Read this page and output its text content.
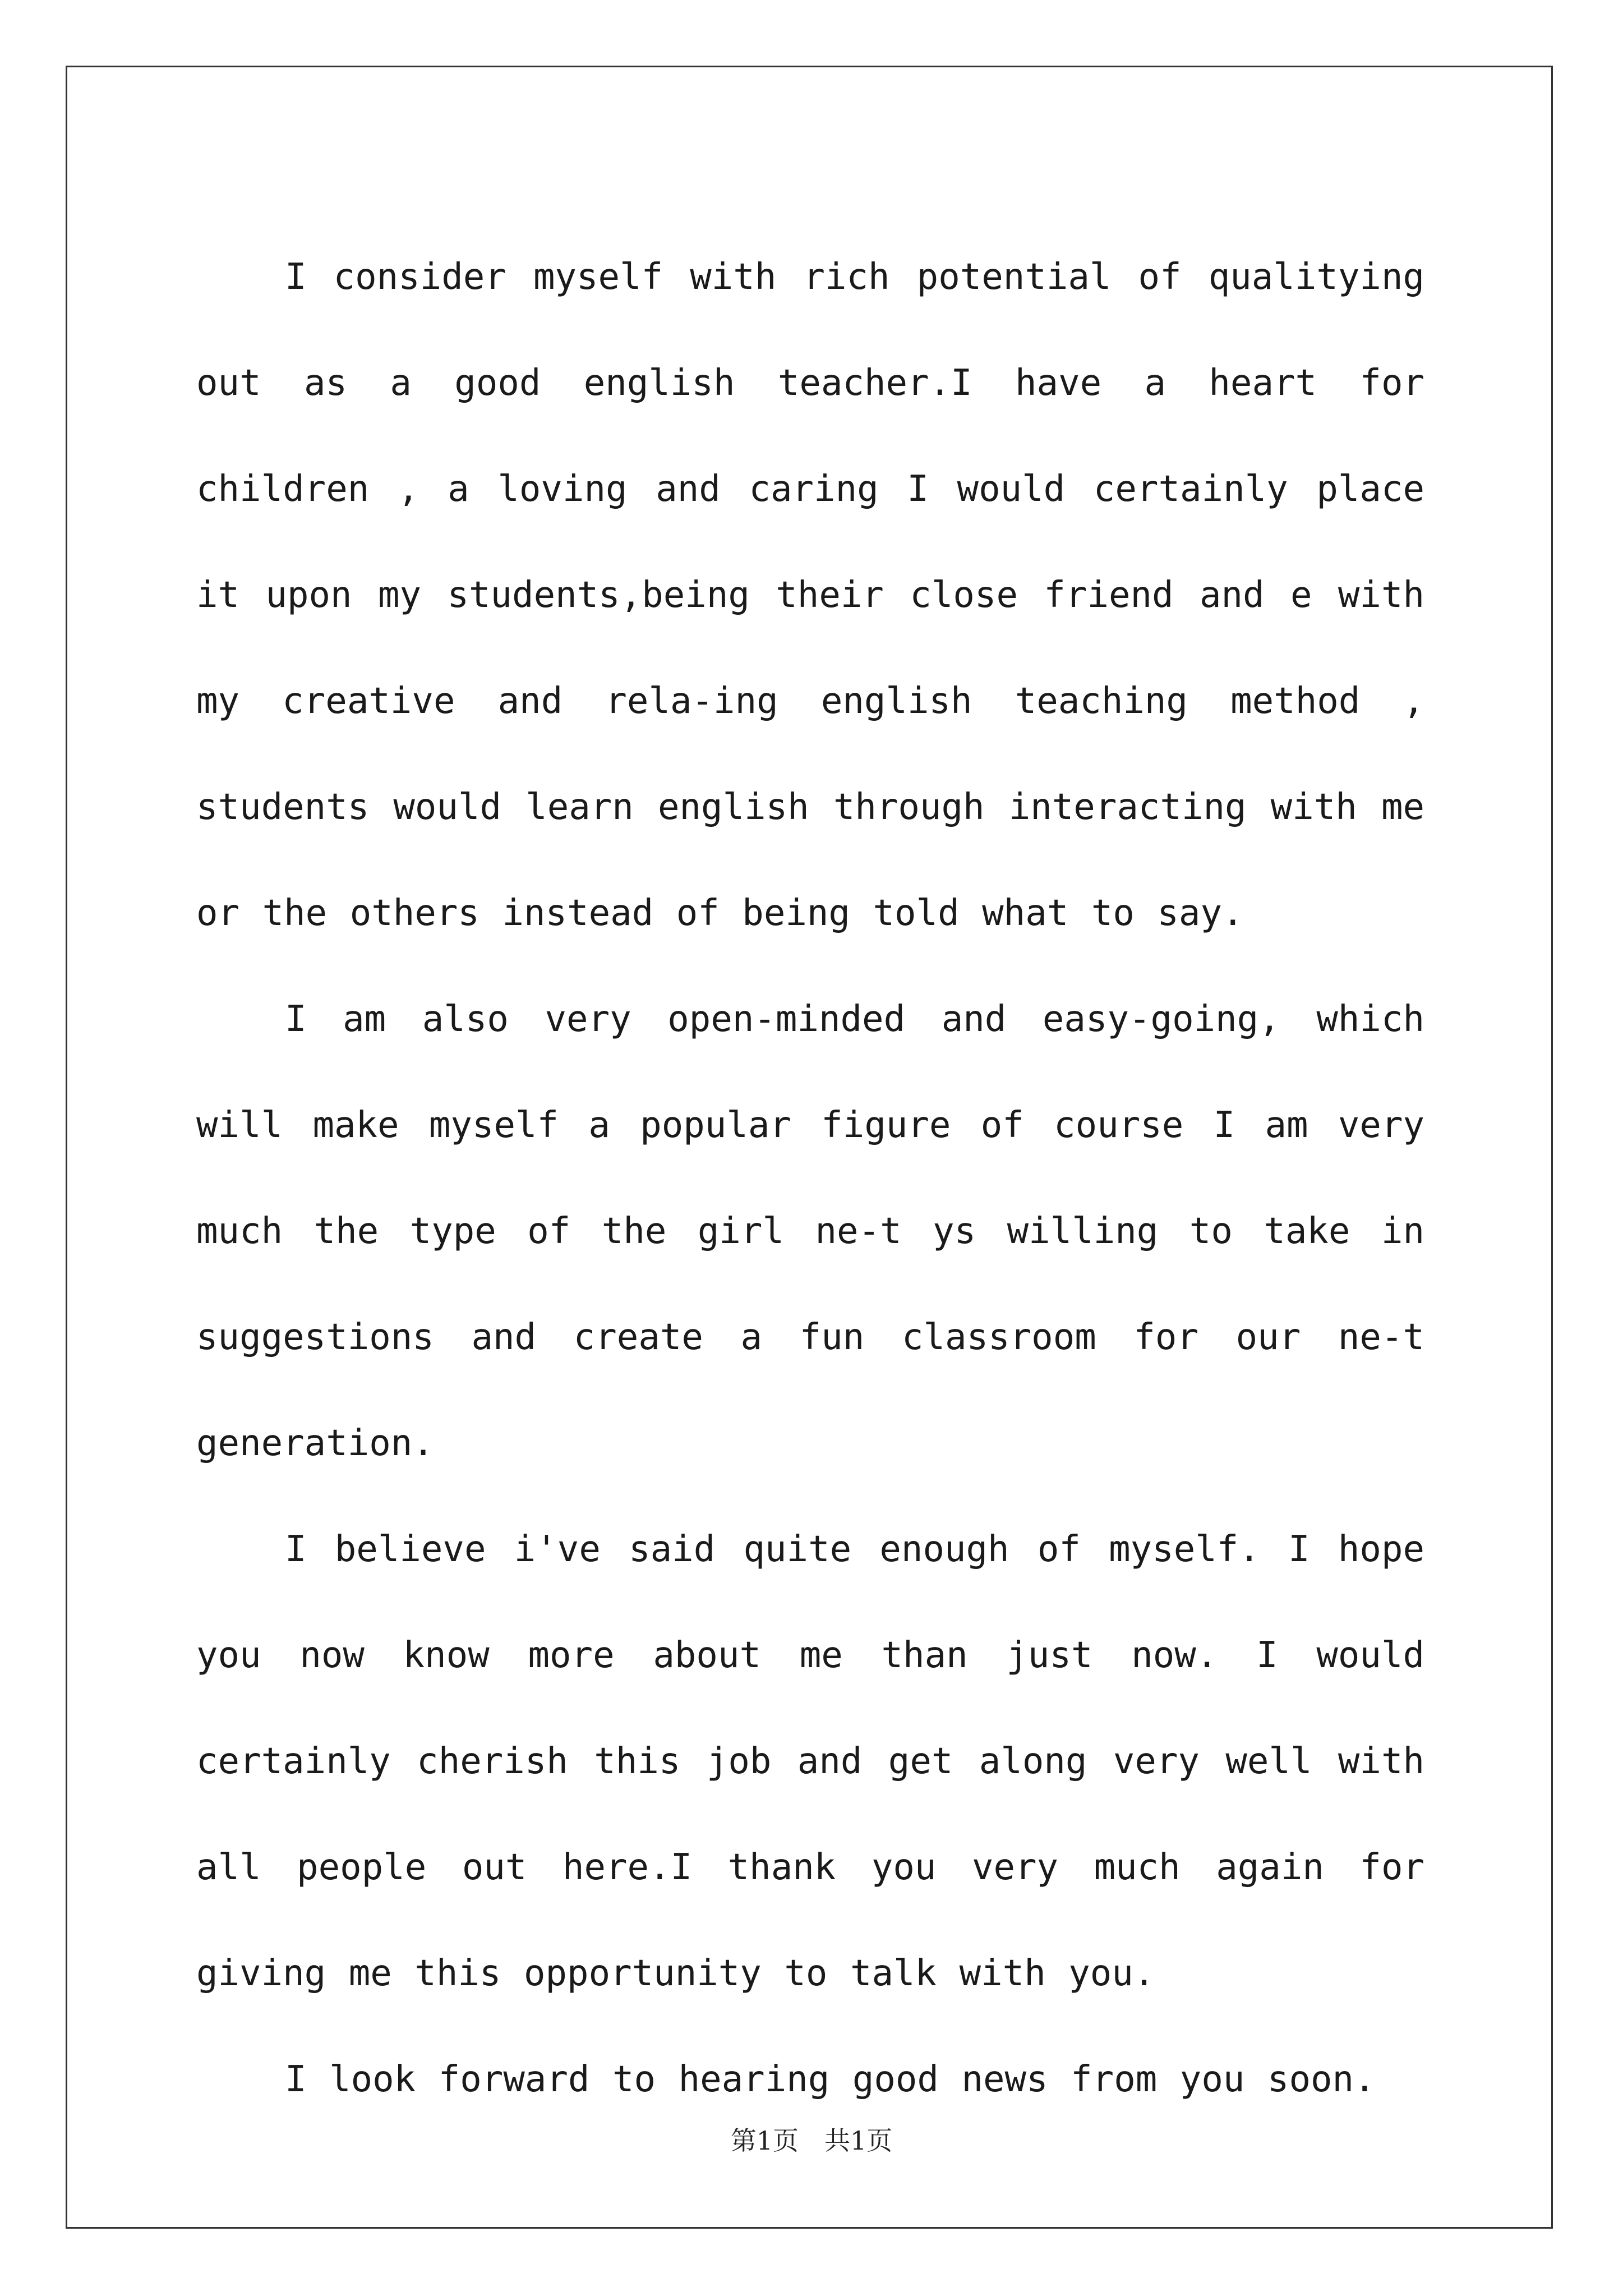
I consider myself with rich potential of qualitying out as a good english teacher.I have a heart for children , a loving and caring I would certainly place it upon my students,being their close friend and e with my creative and rela-ing english teaching method , students would learn english through interacting with me or the others instead of being told what to say.

I am also very open-minded and easy-going, which will make myself a popular figure of course I am very much the type of the girl ne-t ys willing to take in suggestions and create a fun classroom for our ne-t generation.

I believe i've said quite enough of myself. I hope you now know more about me than just now. I would certainly cherish this job and get along very well with all people out here.I thank you very much again for giving me this opportunity to talk with you.

I look forward to hearing good news from you soon.

第1页　共1页
